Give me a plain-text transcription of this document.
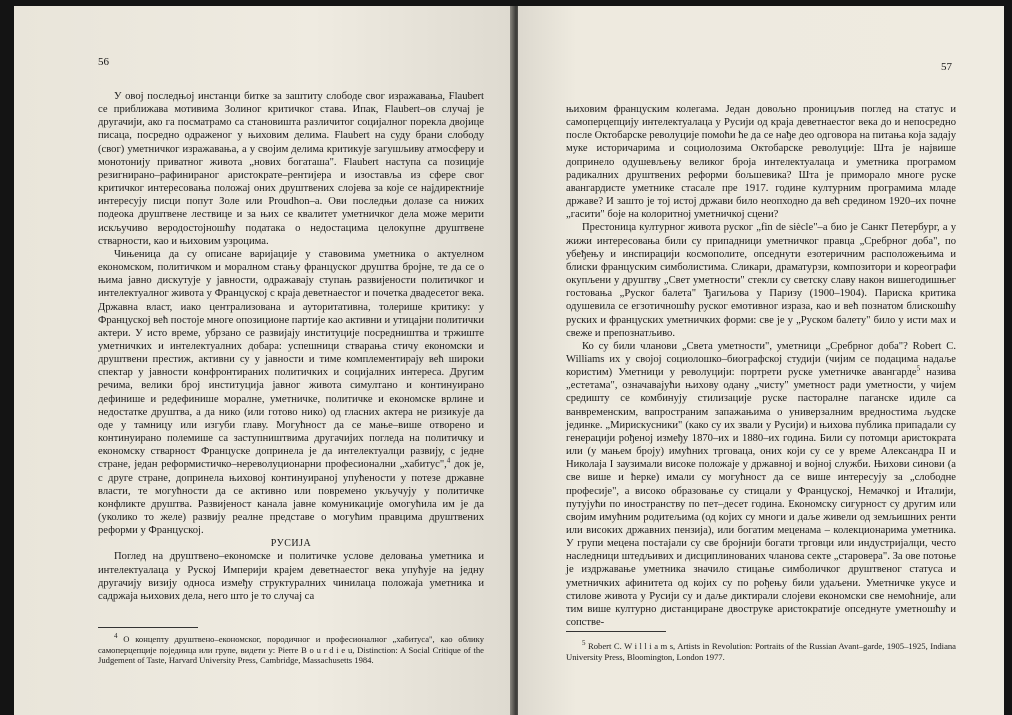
56

У овој последњој инстанци битке за заштиту слободе свог изражавања, Flaubert се приближава мотивима Золиног критичког става. Ипак, Flaubert–ов случај је другачији, ако га посматрамо са становишта различитог социјалног порекла двојице писаца, посредно одраженог у њиховим делима. Flaubert на суду брани слободу (свог) уметничког изражавања, а у својим делима критикује загушљиву атмосферу и монотонију приватног живота „нових богаташа". Flaubert наступа са позиције резигнирано–рафинираног аристократе–рентијера и изоставља из сфере свог критичког интересовања положај оних друштвених слојева за које се најдиректније интересују писци попут Золе или Proudhon–а. Ови последњи долазе са нижих подеока друштвене лествице и за њих се квалитет уметничког дела може мерити искључиво веродостојношћу података о недостацима целокупне друштвене стварности, као и њиховим узроцима.

Чињеница да су описане варијације у ставовима уметника о актуелном економском, политичком и моралном стању француског друштва бројне, те да се о њима јавно дискутује у јавности, одражавају ступањ развијености политичког и интелектуалног живота у Француској с краја деветнаестог и почетка двадесетог века. Државна власт, иако централизована и ауторитативна, толерише критику: у Француској већ постоје многе опозиционе партије као активни и утицајни политички актери. У исто време, убрзано се развијају институције посредништва и тржиште уметничких и интелектуалних добара: успешници стварања стичу економски и друштвени престиж, активни су у јавности и тиме комплементирају већ широки спектар у јавности конфронтираних политичких и социјалних интереса. Другим речима, велики број институција јавног живота симултано и континуирано дефинише и редефинише моралне, уметничке, политичке и економске врлине и недостатке друштва, а да нико (или готово нико) од гласних актера не ризикује да оде у тамницу или изгуби главу. Могућност да се мање–више отворено и континуирано полемише са заступништвима другачијих погледа на политичку и економску стварност Француске допринела је да интелектуалци развију, с једне стране, један реформистичко–нереволуционарни професионални „хабитус",$^4$ док је, с друге стране, допринела њиховој континуираној упућености у потезе државне власти, те могућности да се активно или повремено укључују у политичке конфликте друштва. Развијеност канала јавне комуникације омогућила им је да (уколико то желе) развију реалне представе о могућим правцима друштвених реформи у Француској.

РУСИЈА

Поглед на друштвено–економске и политичке услове деловања уметника и интелектуалаца у Руској Империји крајем деветнаестог века упућује на једну другачију визију односа између структуралних чинилаца положаја уметника и садржаја њихових дела, него што је то случај са

$^4$ О концепту друштвено–економског, породичног и професионалног „хабитуса", као облику самоперцепције појединца или групе, видети у: Pierre B o u r d i e u, Distinction: A Social Critique of the Judgement of Taste, Harvard University Press, Cambridge, Massachusetts 1984.

57

њиховим француским колегама. Један довољно проницљив поглед на статус и самоперцепцију интелектуалаца у Русији од краја деветнаестог века до и непосредно после Октобарске револуције помоћи ће да се нађе део одговора на питања која задају муке историчарима и социолозима Октобарске револуције: Шта је највише допринело одушевљењу великог броја интелектуалаца и уметника програмом радикалних друштвених реформи бољшевика? Шта је приморало многе руске авангардисте уметнике стасале пре 1917. године културним програмима младе државе? И зашто је тој истој држави било неопходно да већ средином 1920–их почне „гасити" боје на колоритној уметничкој сцени?

Престоница културног живота руског „fin de siècle"–а био је Санкт Петербург, а у жижи интересовања били су припадници уметничког правца „Сребрног доба", по убеђењу и инспирацији космополите, опседнути езотеричним расположењима и блиски француским симболистима. Сликари, драматурзи, композитори и кореографи окупљени у друштву „Свет уметности" стекли су светску славу након вишегодишњег гостовања „Руског балета" Ђагиљова у Паризу (1900–1904). Париска критика одушевила се егзотичношћу руског емотивног израза, као и већ познатом блискошћу руских и француских уметничких форми: све је у „Руском балету" било у исти мах и свеже и препознатљиво.

Ко су били чланови „Света уметности", уметници „Сребрног доба"? Robert C. Williams их у својој социолошко–биографској студији (чијим се подацима надаље користим) Уметници у револуцији: портрети руске уметничке авангарде$^5$ назива „естетама", означавајући њихову одану „чисту" уметност ради уметности, у чијем средишту се комбинују стилизације руске пасторалне паганске идиле са ванвременским, вапространим запажањима о универзалним вредностима људске јединке. „Мирискусники" (како су их звали у Русији) и њихова публика припадали су генерацији рођеној између 1870–их и 1880–их година. Били су потомци аристократа или (у мањем броју) имућних трговаца, оних који су се у време Александра II и Николаја I заузимали високе положаје у државној и војној служби. Њихови синови (а све више и ћерке) имали су могућност да се више интересују за „слободне професије", а високо образовање су стицали у Француској, Немачкој и Италији, путујући по иностранству по пет–десет година. Економску сигурност су другим или својим имућним родитељима (од којих су многи и даље живели од земљишних ренти или високих државних пензија), или богатим меценама – колекционарима уметника. У групи мецена постајали су све бројнији богати трговци или индустријалци, често наследници штедљивих и дисциплинованих чланова секте „староверa". За ове потоње је издржавање уметника значило стицање симболичког друштвеног статуса и уметничких афинитета од којих су по рођењу били удаљени. Уметничке укусе и стилове живота у Русији су и даље диктирали слојеви економски све немоћније, али тим више културно дистанциране двоструке аристократије опседнуте уметношћу и сопстве-

$^5$ Robert C. W i l l i a m s, Artists in Revolution: Portraits of the Russian Avant–garde, 1905–1925, Indiana University Press, Bloomington, London 1977.
